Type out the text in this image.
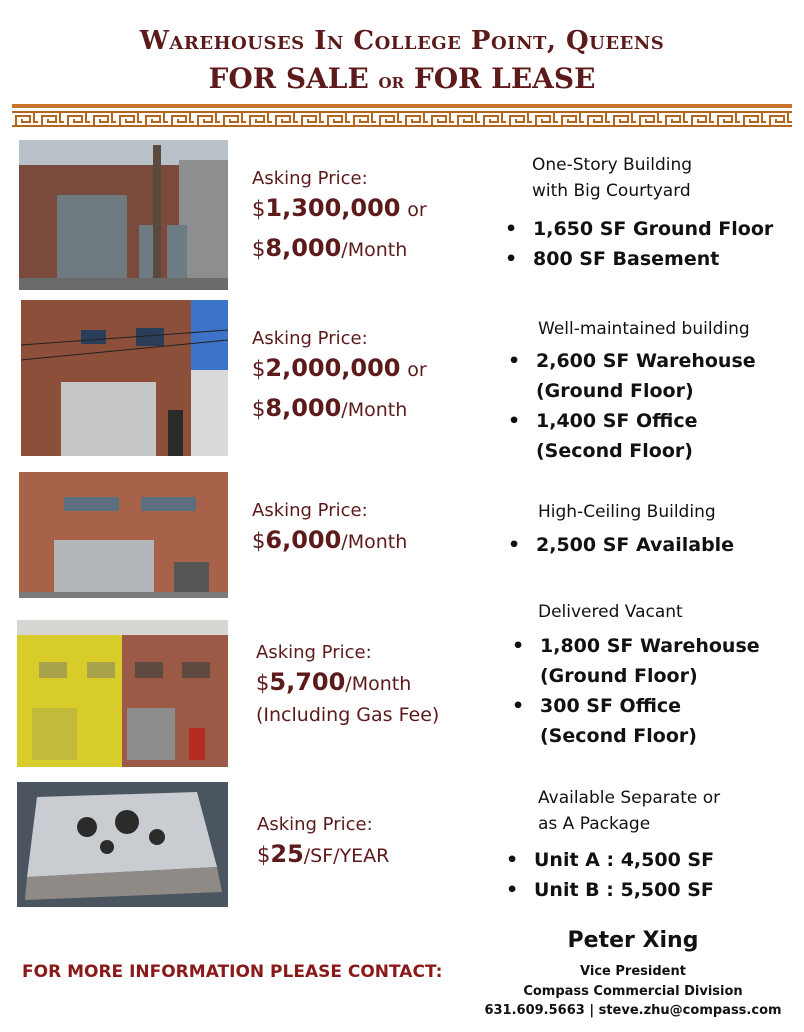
Warehouses In College Point, Queens
FOR SALE or FOR LEASE
Asking Price:
$1,300,000 or
$8,000/Month
One-Story Building
with Big Courtyard
• 1,650 SF Ground Floor
• 800 SF Basement
Asking Price:
$2,000,000 or
$8,000/Month
Well-maintained building
• 2,600 SF Warehouse
(Ground Floor)
• 1,400 SF Office
(Second Floor)
Asking Price:
$6,000/Month
High-Ceiling Building
• 2,500 SF Available
Asking Price:
$5,700/Month
(Including Gas Fee)
Delivered Vacant
• 1,800 SF Warehouse
(Ground Floor)
• 300 SF Office
(Second Floor)
Asking Price:
$25/SF/YEAR
Available Separate or
as A Package
• Unit A : 4,500 SF
• Unit B : 5,500 SF
FOR MORE INFORMATION PLEASE CONTACT:
Peter Xing
Vice President
Compass Commercial Division
631.609.5663 | steve.zhu@compass.com
